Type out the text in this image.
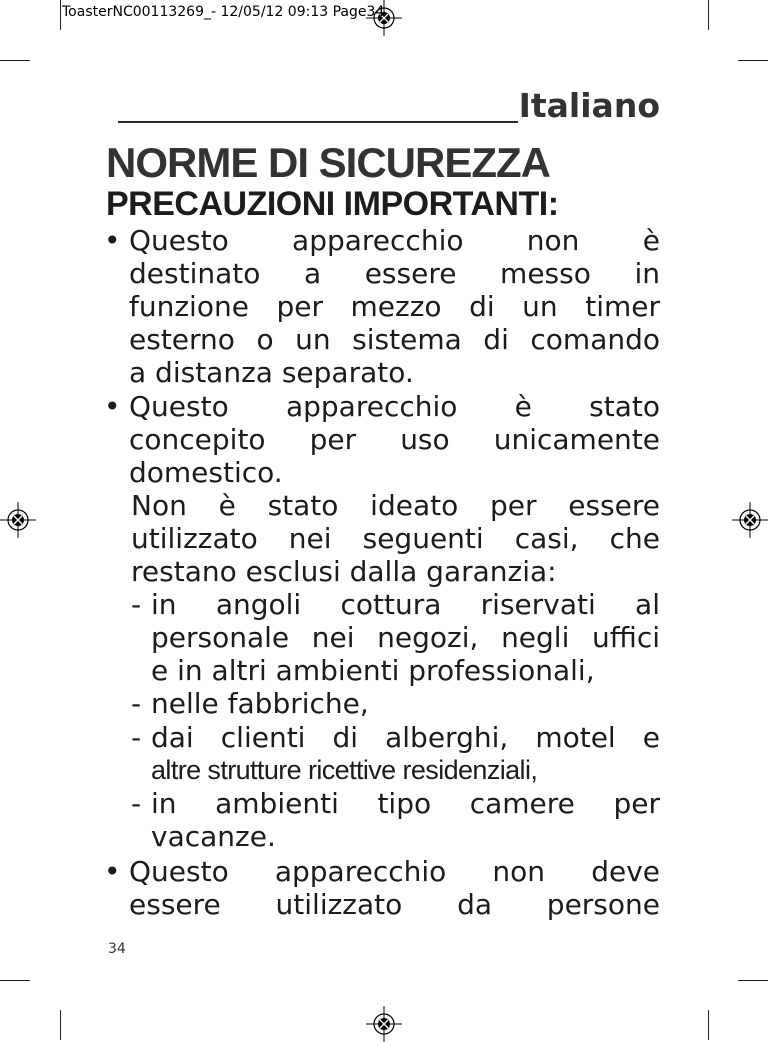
ToasterNC00113269_- 12/05/12 09:13 Page34
Italiano
NORME DI SICUREZZA
PRECAUZIONI IMPORTANTI:
• Questo apparecchio non è
destinato a essere messo in
funzione per mezzo di un timer
esterno o un sistema di comando
a distanza separato.
• Questo apparecchio è stato
concepito per uso unicamente
domestico.
Non è stato ideato per essere
utilizzato nei seguenti casi, che
restano esclusi dalla garanzia:
- in angoli cottura riservati al
personale nei negozi, negli uffici
e in altri ambienti professionali,
- nelle fabbriche,
- dai clienti di alberghi, motel e
altre strutture ricettive residenziali,
- in ambienti tipo camere per
vacanze.
• Questo apparecchio non deve
essere utilizzato da persone
34
